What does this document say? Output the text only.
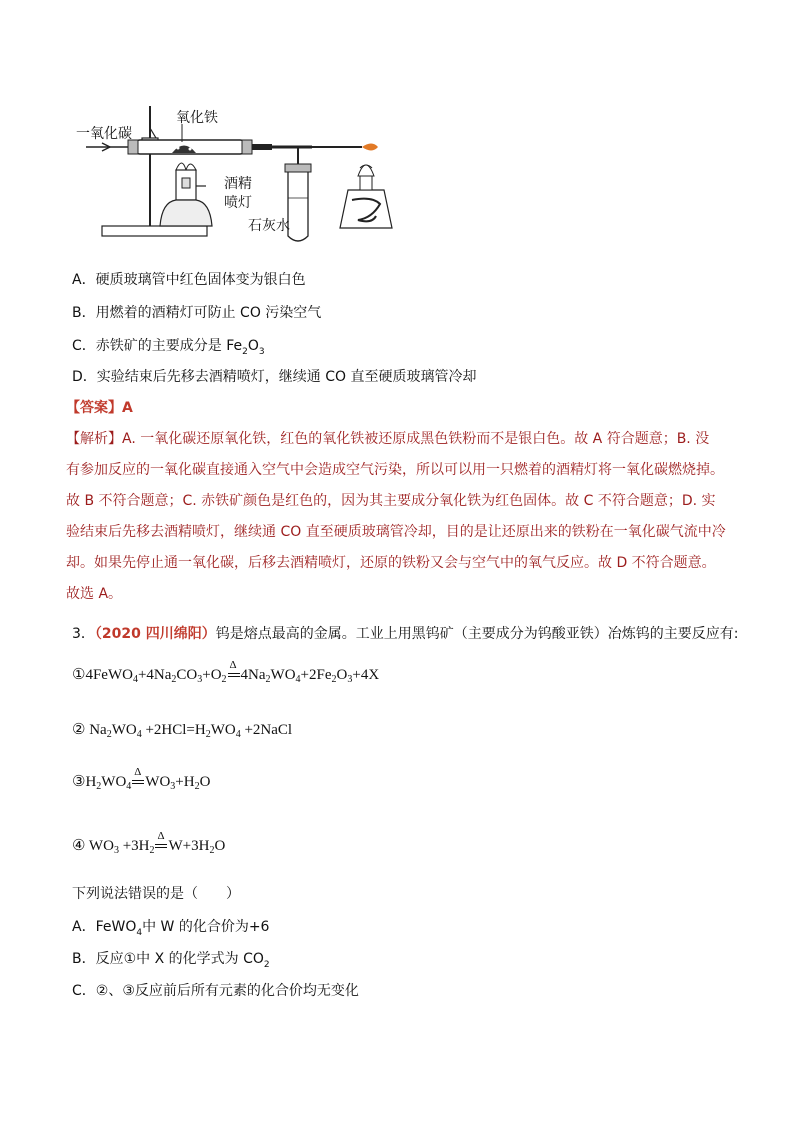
一氧化碳
氧化铁
酒精
喷灯
石灰水
A．硬质玻璃管中红色固体变为银白色
B．用燃着的酒精灯可防止 CO 污染空气
C．赤铁矿的主要成分是 $Fe_2O_3$
D．实验结束后先移去酒精喷灯，继续通 CO 直至硬质玻璃管冷却
【答案】A
【解析】A. 一氧化碳还原氧化铁，红色的氧化铁被还原成黑色铁粉而不是银白色。故 A 符合题意；B. 没
有参加反应的一氧化碳直接通入空气中会造成空气污染，所以可以用一只燃着的酒精灯将一氧化碳燃烧掉。
故 B 不符合题意；C. 赤铁矿颜色是红色的，因为其主要成分氧化铁为红色固体。故 C 不符合题意；D. 实
验结束后先移去酒精喷灯，继续通 CO 直至硬质玻璃管冷却，目的是让还原出来的铁粉在一氧化碳气流中冷
却。如果先停止通一氧化碳，后移去酒精喷灯，还原的铁粉又会与空气中的氧气反应。故 D 不符合题意。
故选 A。
3．（2020 四川绵阳）钨是熔点最高的金属。工业上用黑钨矿（主要成分为钨酸亚铁）冶炼钨的主要反应有:
$①4FeWO_4+4Na_2CO_3+O_2$
Δ
$4Na_2WO_4+2Fe_2O_3+4X$
② $Na_2WO_4 +2HCl=H_2WO_4$ +2NaCl
$③H_2WO_4$
Δ
$WO_3+H_2O$
④ $WO_3 +3H_2$
Δ
$W+3H_2O$
下列说法错误的是（　　）
A．FeWO$_4$中 W 的化合价为+6
B．反应①中 X 的化学式为 $CO_2$
C．②、③反应前后所有元素的化合价均无变化
